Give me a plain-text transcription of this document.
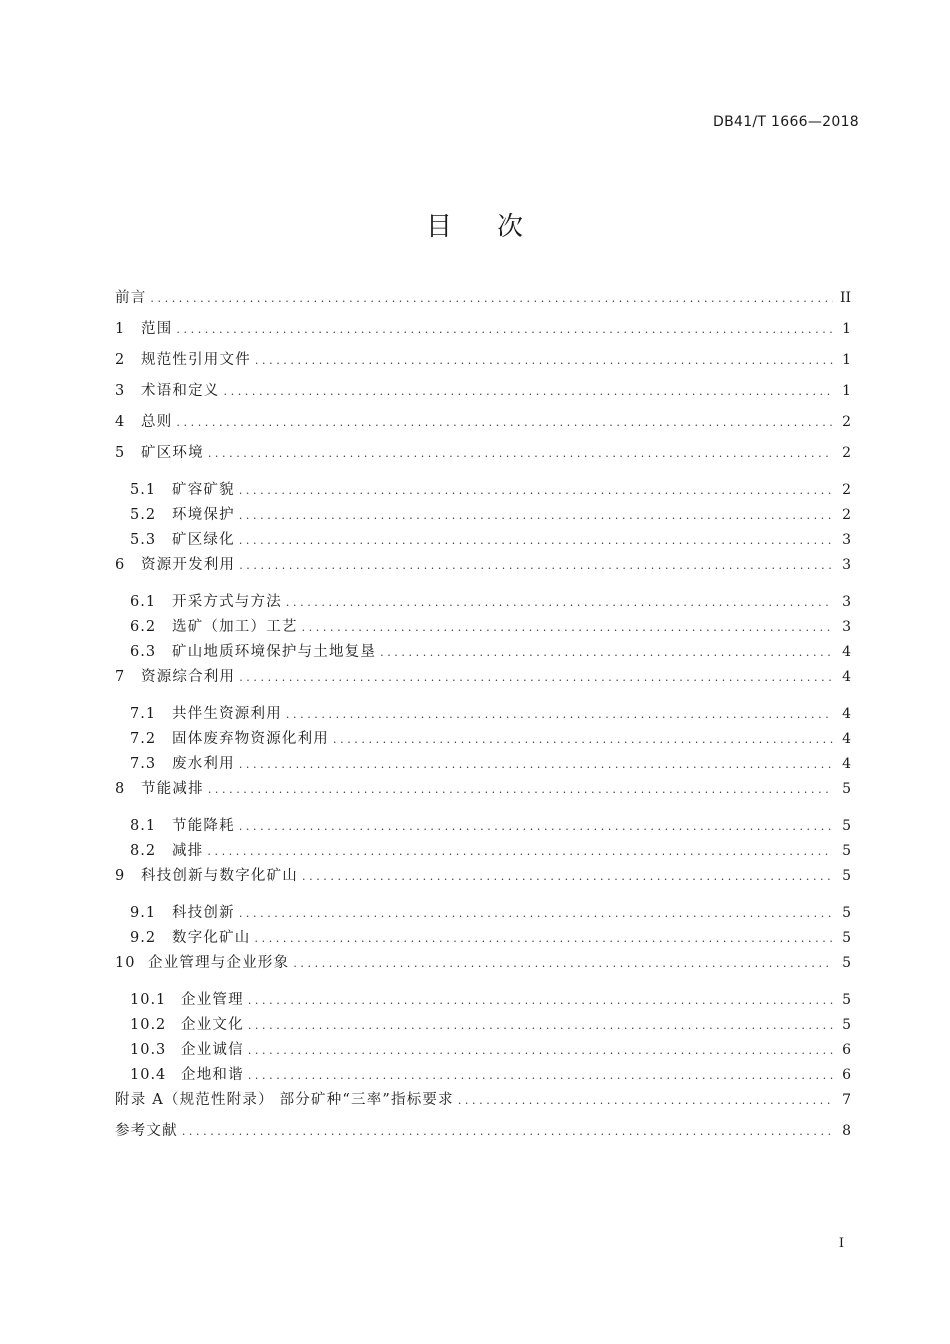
DB41/T 1666—2018
目 次
前言 .....	II
1	范围 .....	1
2	规范性引用文件 .....	1
3	术语和定义 .....	1
4	总则 .....	2
5	矿区环境 .....	2
5.1	矿容矿貌 .....	2
5.2	环境保护 .....	2
5.3	矿区绿化 .....	3
6	资源开发利用 .....	3
6.1	开采方式与方法 .....	3
6.2	选矿（加工）工艺 .....	3
6.3	矿山地质环境保护与土地复垦 .....	4
7	资源综合利用 .....	4
7.1	共伴生资源利用 .....	4
7.2	固体废弃物资源化利用 .....	4
7.3	废水利用 .....	4
8	节能减排 .....	5
8.1	节能降耗 .....	5
8.2	减排 .....	5
9	科技创新与数字化矿山 .....	5
9.1	科技创新 .....	5
9.2	数字化矿山 .....	5
10 企业管理与企业形象 .....	5
10.1	企业管理 .....	5
10.2	企业文化 .....	5
10.3	企业诚信 .....	6
10.4	企地和谐 .....	6
附录 A（规范性附录） 部分矿种“三率”指标要求 .....	7
参考文献 .....	8
I
